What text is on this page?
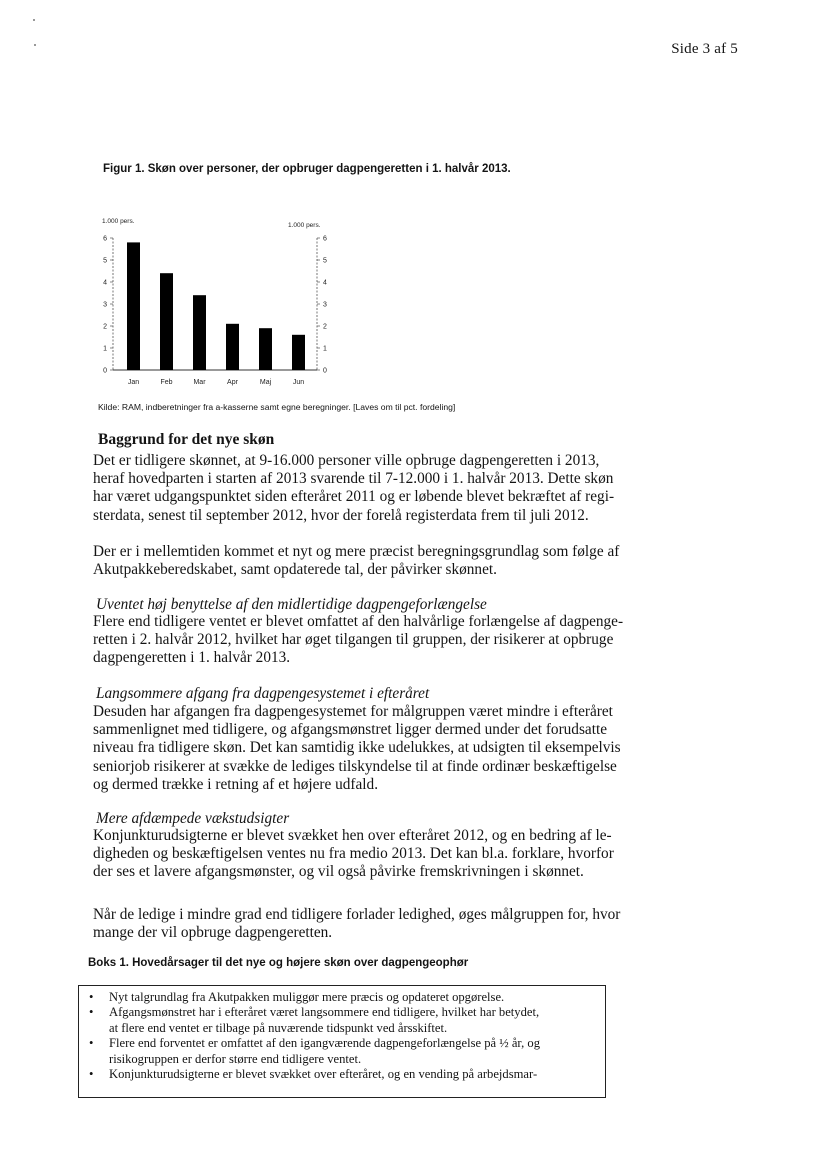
Side 3 af 5
Figur 1. Skøn over personer, der opbruger dagpengeretten i 1. halvår 2013.
1.000 pers.
1.000 pers.
0	0
1	1
2	2
3	3
4	4
5	5
6	6
Jan	Feb	Mar	Apr	Maj	Jun
Kilde: RAM, indberetninger fra a-kasserne samt egne beregninger. [Laves om til pct. fordeling]
Baggrund for det nye skøn
Det er tidligere skønnet, at 9-16.000 personer ville opbruge dagpengeretten i 2013,
heraf hovedparten i starten af 2013 svarende til 7-12.000 i 1. halvår 2013. Dette skøn
har været udgangspunktet siden efteråret 2011 og er løbende blevet bekræftet af regi-
sterdata, senest til september 2012, hvor der forelå registerdata frem til juli 2012.
Der er i mellemtiden kommet et nyt og mere præcist beregningsgrundlag som følge af
Akutpakkeberedskabet, samt opdaterede tal, der påvirker skønnet.
Uventet høj benyttelse af den midlertidige dagpengeforlængelse
Flere end tidligere ventet er blevet omfattet af den halvårlige forlængelse af dagpenge-
retten i 2. halvår 2012, hvilket har øget tilgangen til gruppen, der risikerer at opbruge
dagpengeretten i 1. halvår 2013.
Langsommere afgang fra dagpengesystemet i efteråret
Desuden har afgangen fra dagpengesystemet for målgruppen været mindre i efteråret
sammenlignet med tidligere, og afgangsmønstret ligger dermed under det forudsatte
niveau fra tidligere skøn. Det kan samtidig ikke udelukkes, at udsigten til eksempelvis
seniorjob risikerer at svække de lediges tilskyndelse til at finde ordinær beskæftigelse
og dermed trække i retning af et højere udfald.
Mere afdæmpede vækstudsigter
Konjunkturudsigterne er blevet svækket hen over efteråret 2012, og en bedring af le-
digheden og beskæftigelsen ventes nu fra medio 2013. Det kan bl.a. forklare, hvorfor
der ses et lavere afgangsmønster, og vil også påvirke fremskrivningen i skønnet.
Når de ledige i mindre grad end tidligere forlader ledighed, øges målgruppen for, hvor
mange der vil opbruge dagpengeretten.
Boks 1. Hovedårsager til det nye og højere skøn over dagpengeophør
• Nyt talgrundlag fra Akutpakken muliggør mere præcis og opdateret opgørelse.
• Afgangsmønstret har i efteråret været langsommere end tidligere, hvilket har betydet,
at flere end ventet er tilbage på nuværende tidspunkt ved årsskiftet.
• Flere end forventet er omfattet af den igangværende dagpengeforlængelse på ½ år, og
risikogruppen er derfor større end tidligere ventet.
• Konjunkturudsigterne er blevet svækket over efteråret, og en vending på arbejdsmar-
